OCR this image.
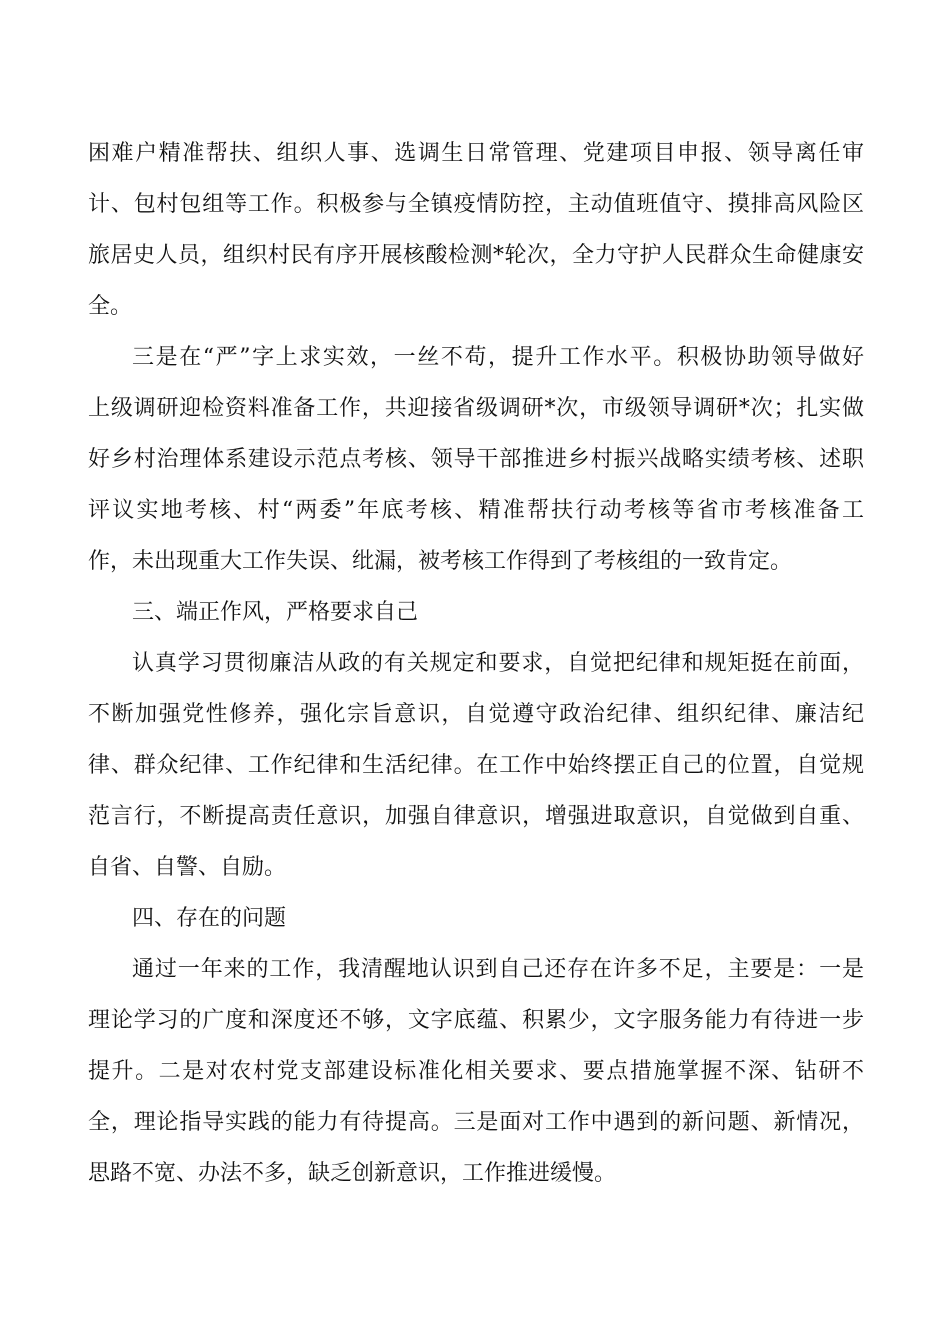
困难户精准帮扶、组织人事、选调生日常管理、党建项目申报、领导离任审
计、包村包组等工作。积极参与全镇疫情防控，主动值班值守、摸排高风险区
旅居史人员，组织村民有序开展核酸检测*轮次，全力守护人民群众生命健康安
全。
三是在“严”字上求实效，一丝不苟，提升工作水平。积极协助领导做好
上级调研迎检资料准备工作，共迎接省级调研*次，市级领导调研*次；扎实做
好乡村治理体系建设示范点考核、领导干部推进乡村振兴战略实绩考核、述职
评议实地考核、村“两委”年底考核、精准帮扶行动考核等省市考核准备工
作，未出现重大工作失误、纰漏，被考核工作得到了考核组的一致肯定。
三、端正作风，严格要求自己
认真学习贯彻廉洁从政的有关规定和要求，自觉把纪律和规矩挺在前面，
不断加强党性修养，强化宗旨意识，自觉遵守政治纪律、组织纪律、廉洁纪
律、群众纪律、工作纪律和生活纪律。在工作中始终摆正自己的位置，自觉规
范言行，不断提高责任意识，加强自律意识，增强进取意识，自觉做到自重、
自省、自警、自励。
四、存在的问题
通过一年来的工作，我清醒地认识到自己还存在许多不足，主要是：一是
理论学习的广度和深度还不够，文字底蕴、积累少，文字服务能力有待进一步
提升。二是对农村党支部建设标准化相关要求、要点措施掌握不深、钻研不
全，理论指导实践的能力有待提高。三是面对工作中遇到的新问题、新情况，
思路不宽、办法不多，缺乏创新意识，工作推进缓慢。
